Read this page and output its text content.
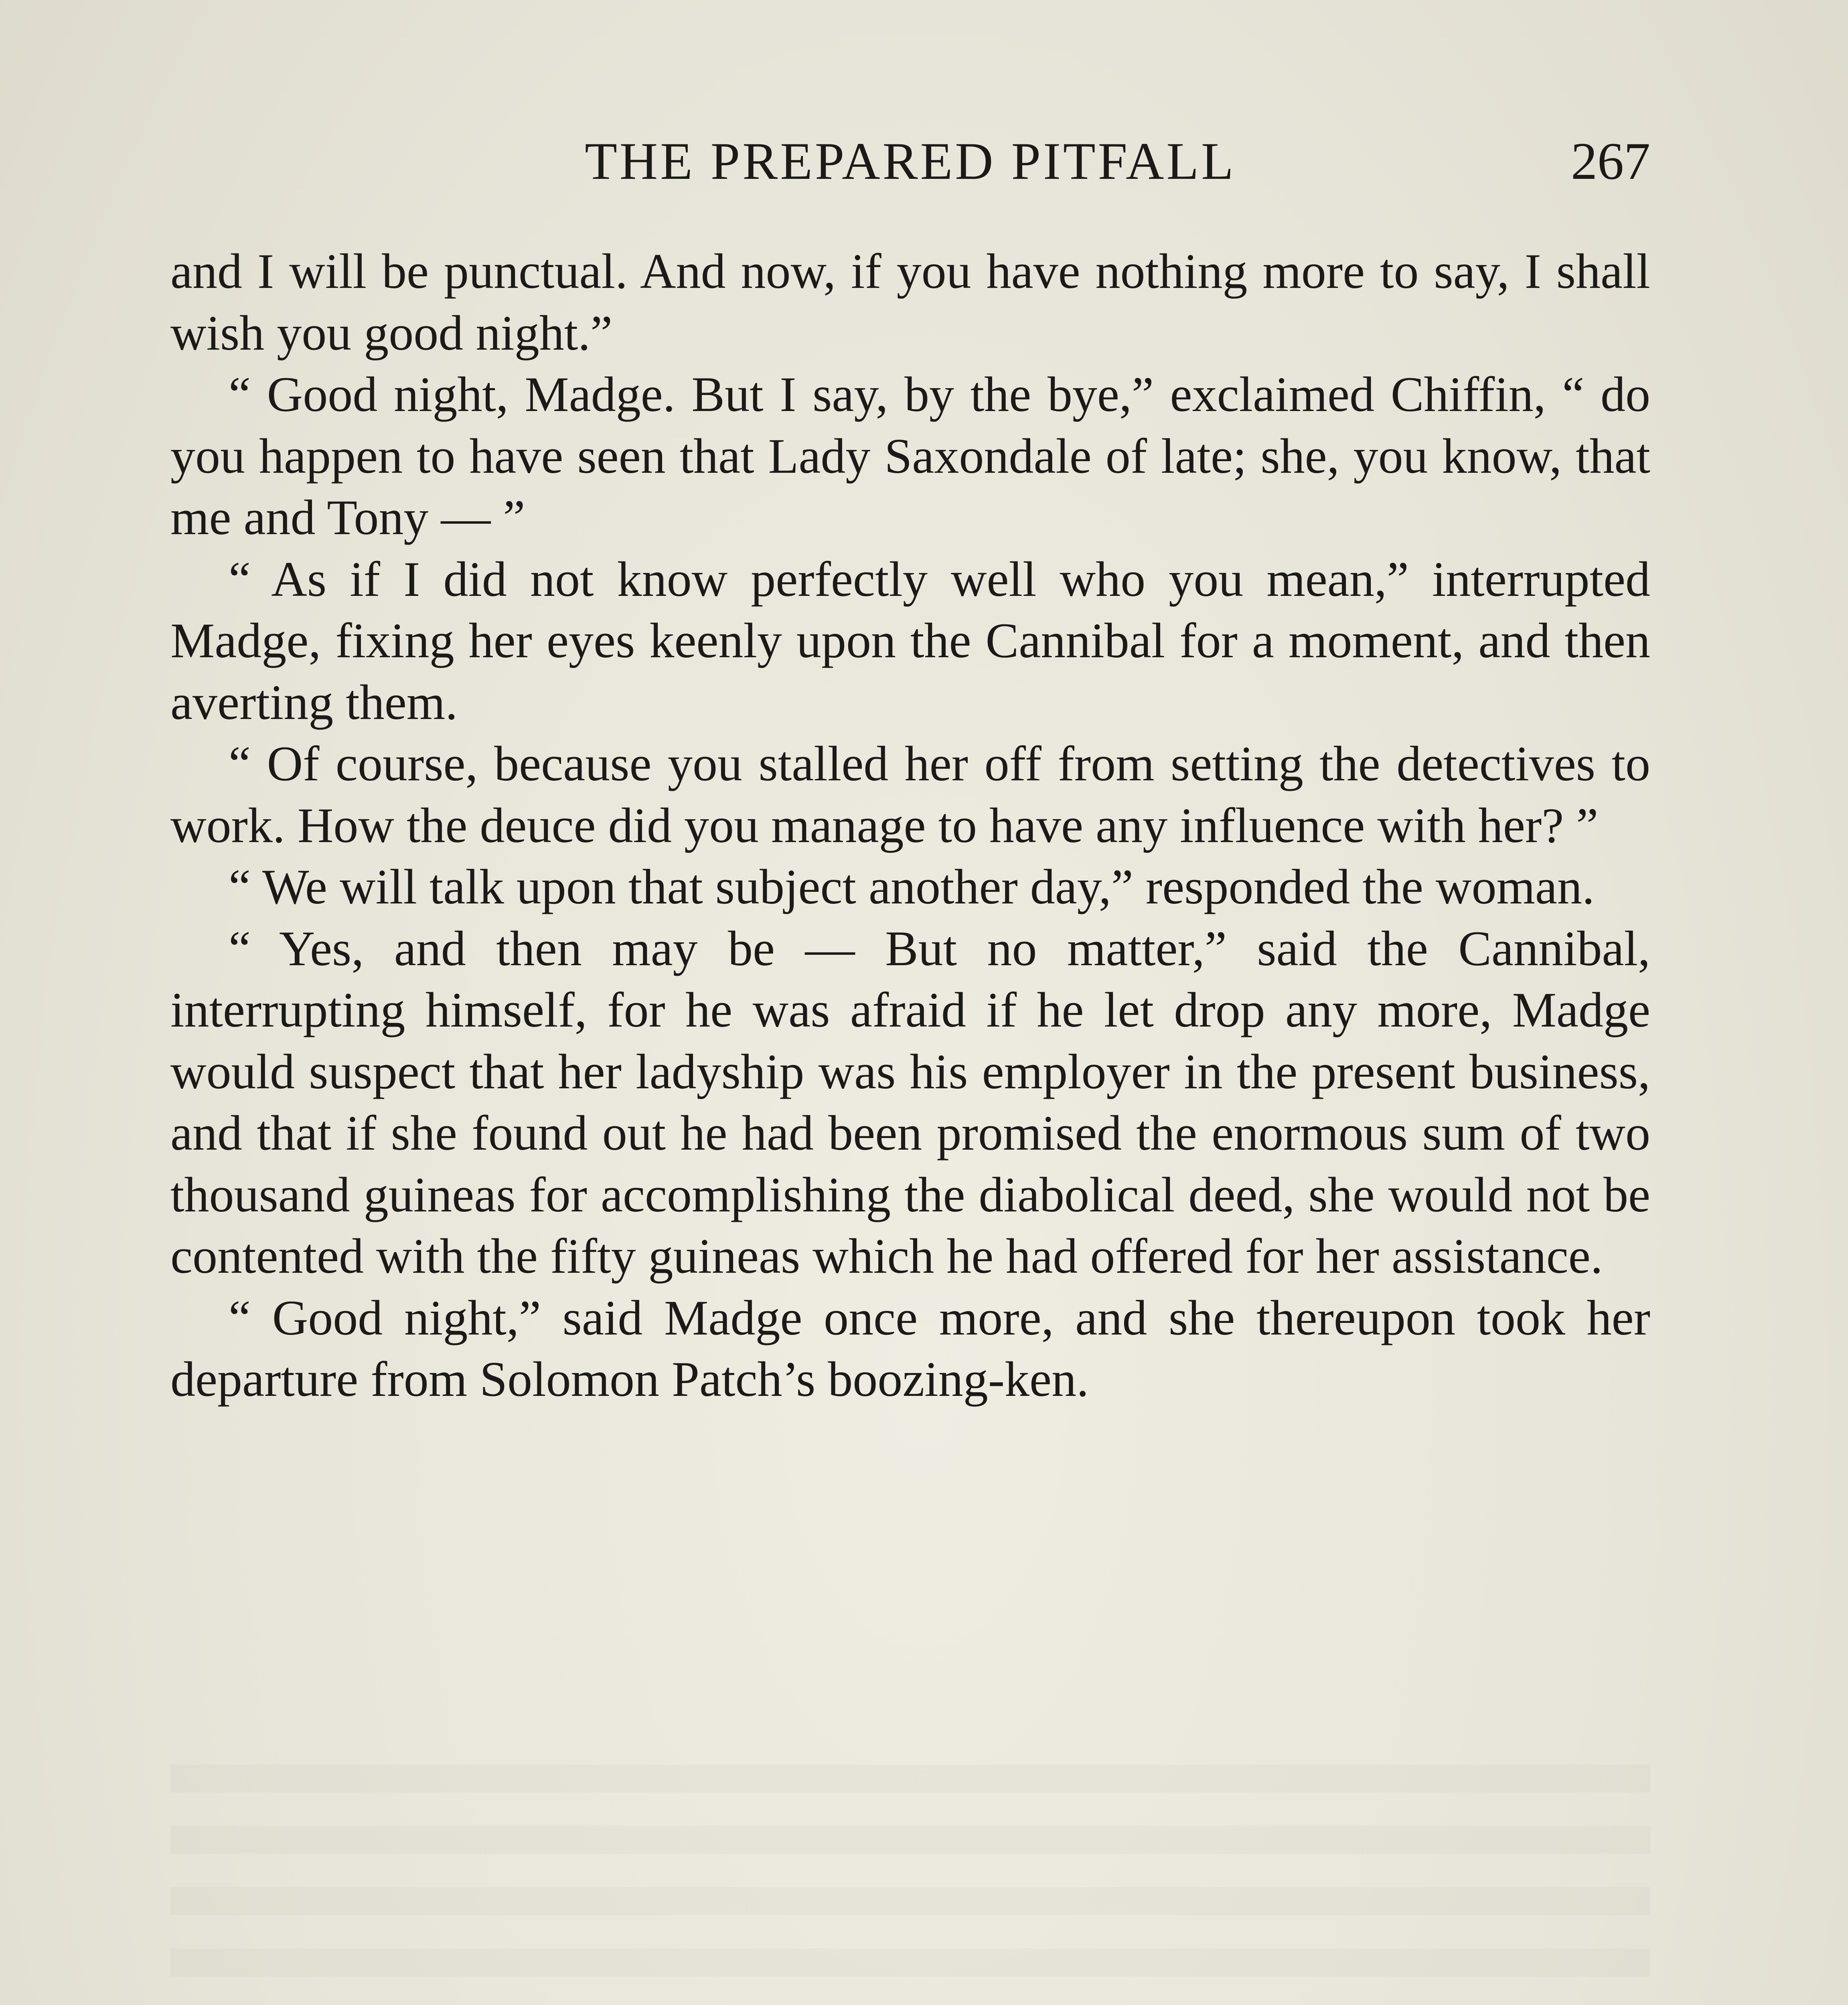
THE PREPARED PITFALL	267

and I will be punctual. And now, if you have nothing more to say, I shall wish you good night.”

“ Good night, Madge. But I say, by the bye,” exclaimed Chiffin, “ do you happen to have seen that Lady Saxondale of late; she, you know, that me and Tony — ”

“ As if I did not know perfectly well who you mean,” interrupted Madge, fixing her eyes keenly upon the Cannibal for a moment, and then averting them.

“ Of course, because you stalled her off from setting the detectives to work. How the deuce did you manage to have any influence with her? ”

“ We will talk upon that subject another day,” responded the woman.

“ Yes, and then may be — But no matter,” said the Cannibal, interrupting himself, for he was afraid if he let drop any more, Madge would suspect that her ladyship was his employer in the present business, and that if she found out he had been promised the enormous sum of two thousand guineas for accomplishing the diabolical deed, she would not be contented with the fifty guineas which he had offered for her assistance.

“ Good night,” said Madge once more, and she thereupon took her departure from Solomon Patch’s boozing-ken.
